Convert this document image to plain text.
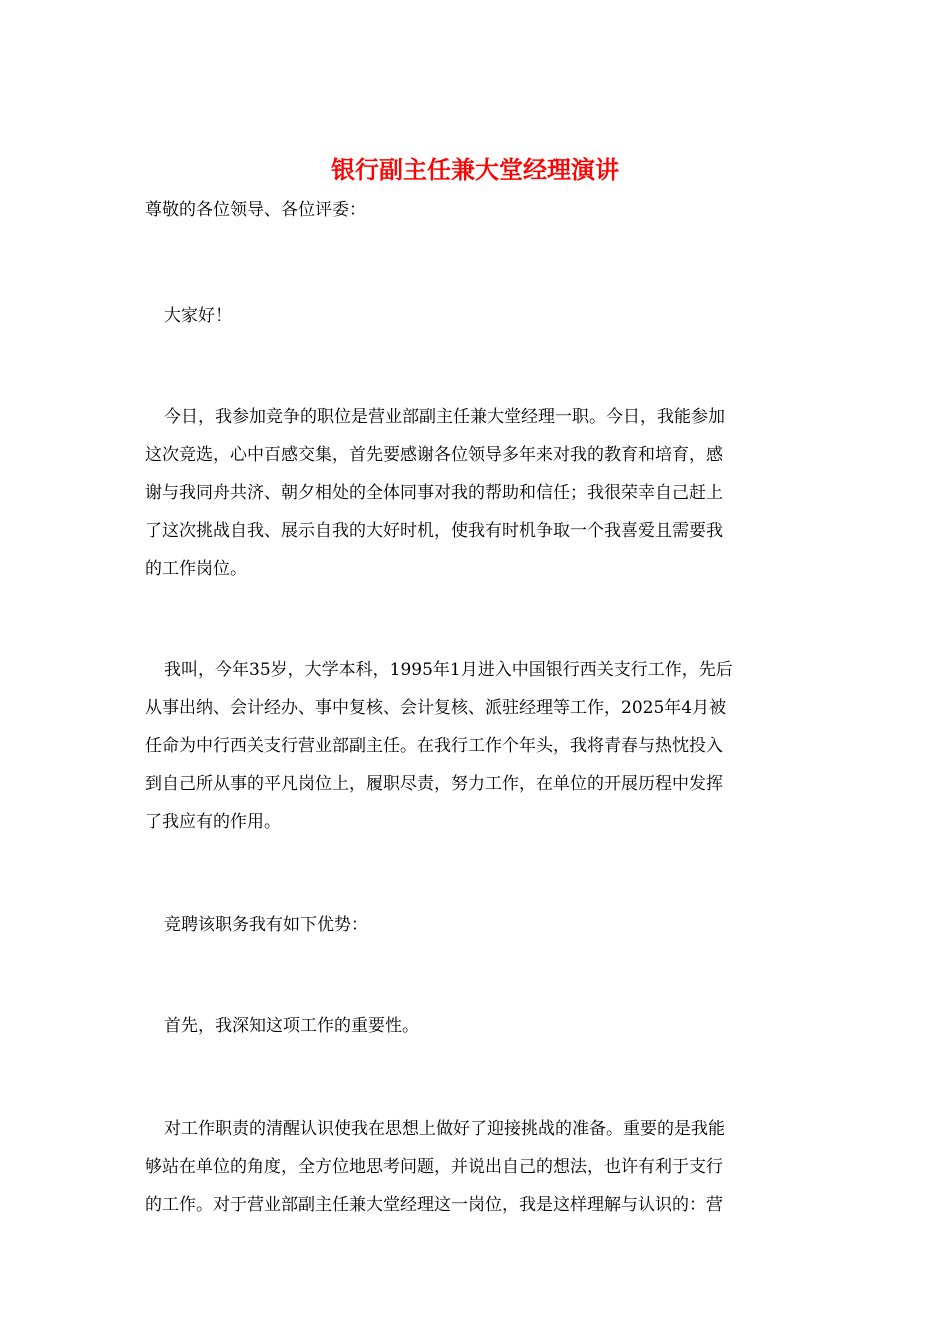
银行副主任兼大堂经理演讲
尊敬的各位领导、各位评委：
大家好！
今日，我参加竞争的职位是营业部副主任兼大堂经理一职。今日，我能参加
这次竞选，心中百感交集，首先要感谢各位领导多年来对我的教育和培育，感
谢与我同舟共济、朝夕相处的全体同事对我的帮助和信任；我很荣幸自己赶上
了这次挑战自我、展示自我的大好时机，使我有时机争取一个我喜爱且需要我
的工作岗位。
我叫，今年35岁，大学本科，1995年1月进入中国银行西关支行工作，先后
从事出纳、会计经办、事中复核、会计复核、派驻经理等工作，2025年4月被
任命为中行西关支行营业部副主任。在我行工作个年头，我将青春与热忱投入
到自己所从事的平凡岗位上，履职尽责，努力工作，在单位的开展历程中发挥
了我应有的作用。
竞聘该职务我有如下优势：
首先，我深知这项工作的重要性。
对工作职责的清醒认识使我在思想上做好了迎接挑战的准备。重要的是我能
够站在单位的角度，全方位地思考问题，并说出自己的想法，也许有利于支行
的工作。对于营业部副主任兼大堂经理这一岗位，我是这样理解与认识的：营
